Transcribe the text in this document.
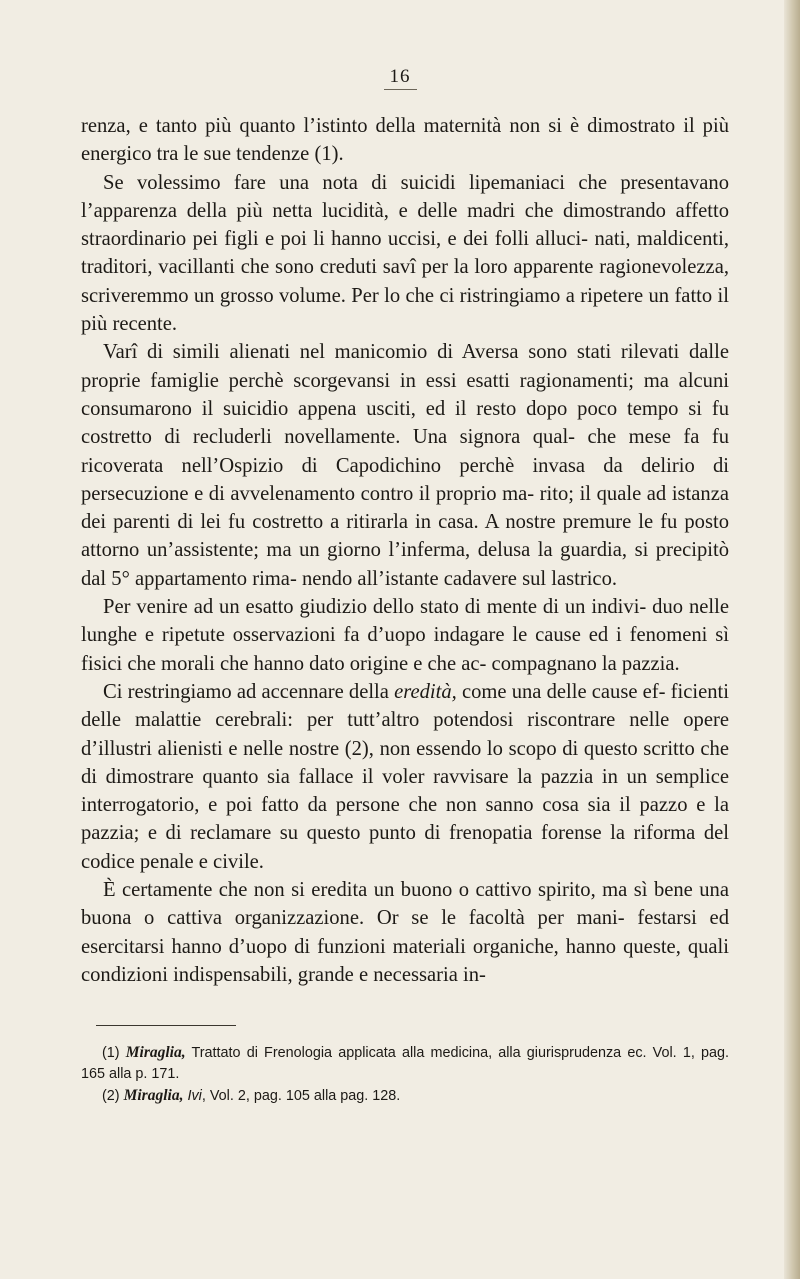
16

renza, e tanto più quanto l’istinto della maternità non si è dimostrato il più energico tra le sue tendenze (1).

Se volessimo fare una nota di suicidi lipemaniaci che presentavano l’apparenza della più netta lucidità, e delle madri che dimostrando affetto straordinario pei figli e poi li hanno uccisi, e dei folli alluci- nati, maldicenti, traditori, vacillanti che sono creduti savî per la loro apparente ragionevolezza, scriveremmo un grosso volume. Per lo che ci ristringiamo a ripetere un fatto il più recente.

Varî di simili alienati nel manicomio di Aversa sono stati rilevati dalle proprie famiglie perchè scorgevansi in essi esatti ragionamenti; ma alcuni consumarono il suicidio appena usciti, ed il resto dopo poco tempo si fu costretto di recluderli novellamente. Una signora qual- che mese fa fu ricoverata nell’Ospizio di Capodichino perchè invasa da delirio di persecuzione e di avvelenamento contro il proprio ma- rito; il quale ad istanza dei parenti di lei fu costretto a ritirarla in casa. A nostre premure le fu posto attorno un’assistente; ma un giorno l’inferma, delusa la guardia, si precipitò dal 5° appartamento rima- nendo all’istante cadavere sul lastrico.

Per venire ad un esatto giudizio dello stato di mente di un indivi- duo nelle lunghe e ripetute osservazioni fa d’uopo indagare le cause ed i fenomeni sì fisici che morali che hanno dato origine e che ac- compagnano la pazzia.

Ci restringiamo ad accennare della eredità, come una delle cause ef- ficienti delle malattie cerebrali: per tutt’altro potendosi riscontrare nelle opere d’illustri alienisti e nelle nostre (2), non essendo lo scopo di questo scritto che di dimostrare quanto sia fallace il voler ravvisare la pazzia in un semplice interrogatorio, e poi fatto da persone che non sanno cosa sia il pazzo e la pazzia; e di reclamare su questo punto di frenopatia forense la riforma del codice penale e civile.

È certamente che non si eredita un buono o cattivo spirito, ma sì bene una buona o cattiva organizzazione. Or se le facoltà per mani- festarsi ed esercitarsi hanno d’uopo di funzioni materiali organiche, hanno queste, quali condizioni indispensabili, grande e necessaria in-

(1) Miraglia, Trattato di Frenologia applicata alla medicina, alla giurisprudenza ec. Vol. 1, pag. 165 alla p. 171.

(2) Miraglia, Ivi, Vol. 2, pag. 105 alla pag. 128.
